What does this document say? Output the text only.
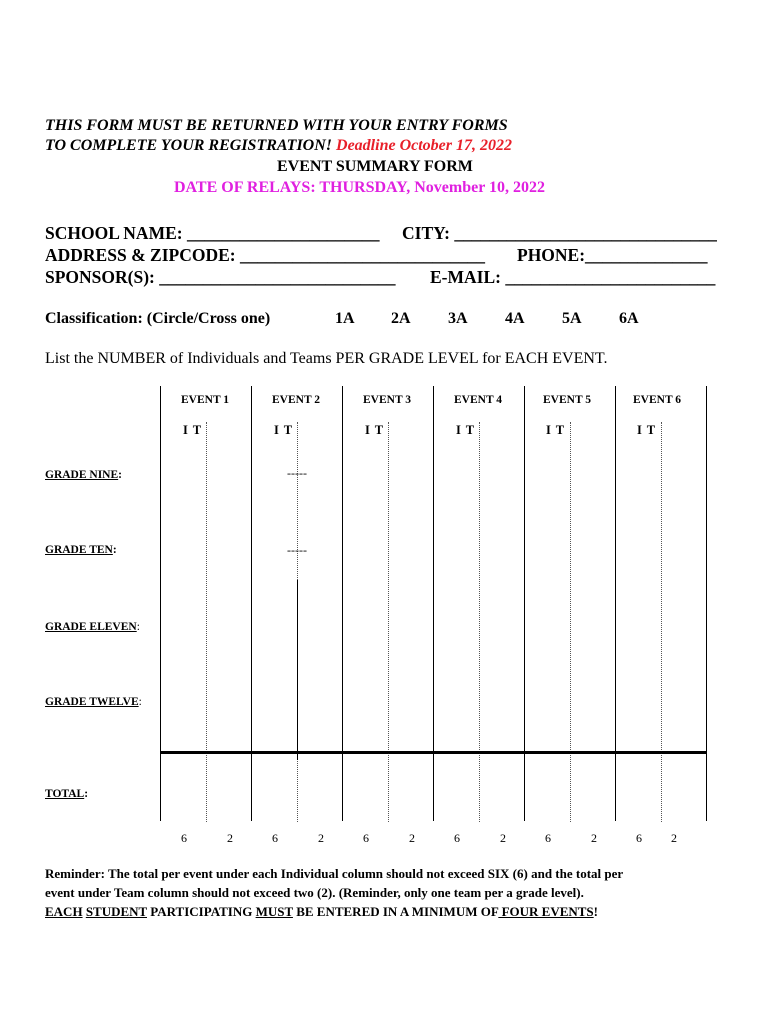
THIS FORM MUST BE RETURNED WITH YOUR ENTRY FORMS
TO COMPLETE YOUR REGISTRATION! Deadline October 17, 2022
EVENT SUMMARY FORM
DATE OF RELAYS: THURSDAY, November 10, 2022
SCHOOL NAME: ______________________ CITY: ______________________________
ADDRESS & ZIPCODE: ____________________________ PHONE:______________
SPONSOR(S): ___________________________ E-MAIL: ________________________
Classification: (Circle/Cross one)	1A 2A 3A 4A 5A 6A
List the NUMBER of Individuals and Teams PER GRADE LEVEL for EACH EVENT.
EVENT 1	EVENT 2	EVENT 3	EVENT 4	EVENT 5	EVENT 6
I T	I T	I T	I T	I T	I T
GRADE NINE:
GRADE TEN:
GRADE ELEVEN:
GRADE TWELVE:
TOTAL:
-----
-----
6	2	6	2	6	2	6	2	6	2	6 2
Reminder: The total per event under each Individual column should not exceed SIX (6) and the total per
event under Team column should not exceed two (2). (Reminder, only one team per a grade level).
EACH STUDENT PARTICIPATING MUST BE ENTERED IN A MINIMUM OF FOUR EVENTS!
